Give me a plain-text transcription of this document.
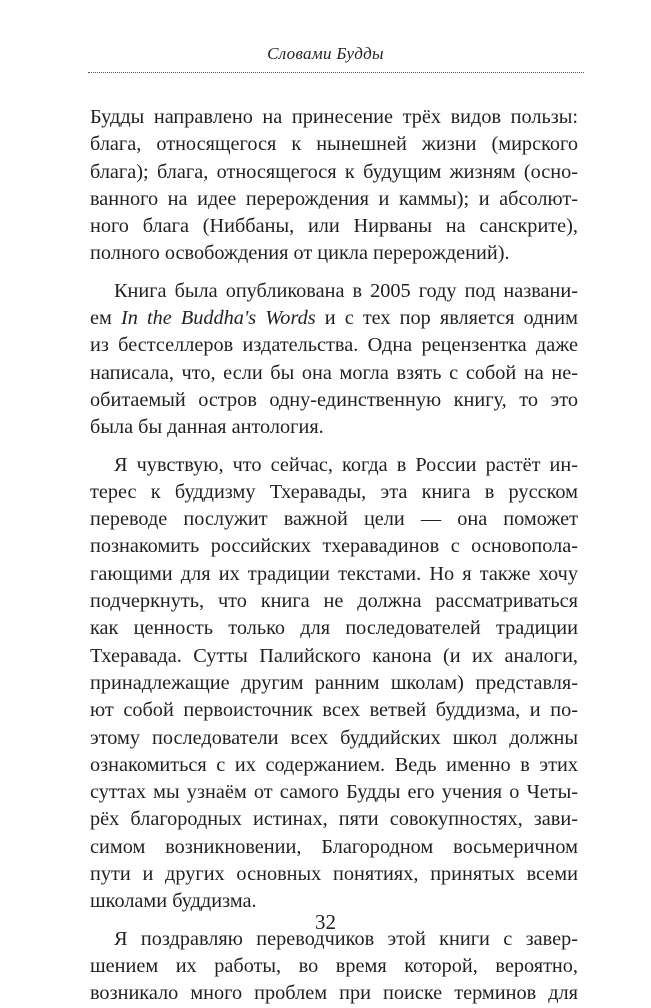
Словами Будды
Будды направлено на принесение трёх видов пользы:
блага, относящегося к нынешней жизни (мирского
блага); блага, относящегося к будущим жизням (осно-
ванного на идее перерождения и каммы); и абсолют-
ного блага (Ниббаны, или Нирваны на санскрите),
полного освобождения от цикла перерождений).
Книга была опубликована в 2005 году под названи-
ем In the Buddha's Words и с тех пор является одним
из бестселлеров издательства. Одна рецензентка даже
написала, что, если бы она могла взять с собой на не-
обитаемый остров одну-единственную книгу, то это
была бы данная антология.
Я чувствую, что сейчас, когда в России растёт ин-
терес к буддизму Тхеравады, эта книга в русском
переводе послужит важной цели — она поможет
познакомить российских тхеравадинов с основопола-
гающими для их традиции текстами. Но я также хочу
подчеркнуть, что книга не должна рассматриваться
как ценность только для последователей традиции
Тхеравада. Сутты Палийского канона (и их аналоги,
принадлежащие другим ранним школам) представля-
ют собой первоисточник всех ветвей буддизма, и по-
этому последователи всех буддийских школ должны
ознакомиться с их содержанием. Ведь именно в этих
суттах мы узнаём от самого Будды его учения о Четы-
рёх благородных истинах, пяти совокупностях, зави-
симом возникновении, Благородном восьмеричном
пути и других основных понятиях, принятых всеми
школами буддизма.
Я поздравляю переводчиков этой книги с завер-
шением их работы, во время которой, вероятно,
возникало много проблем при поиске терминов для
32
